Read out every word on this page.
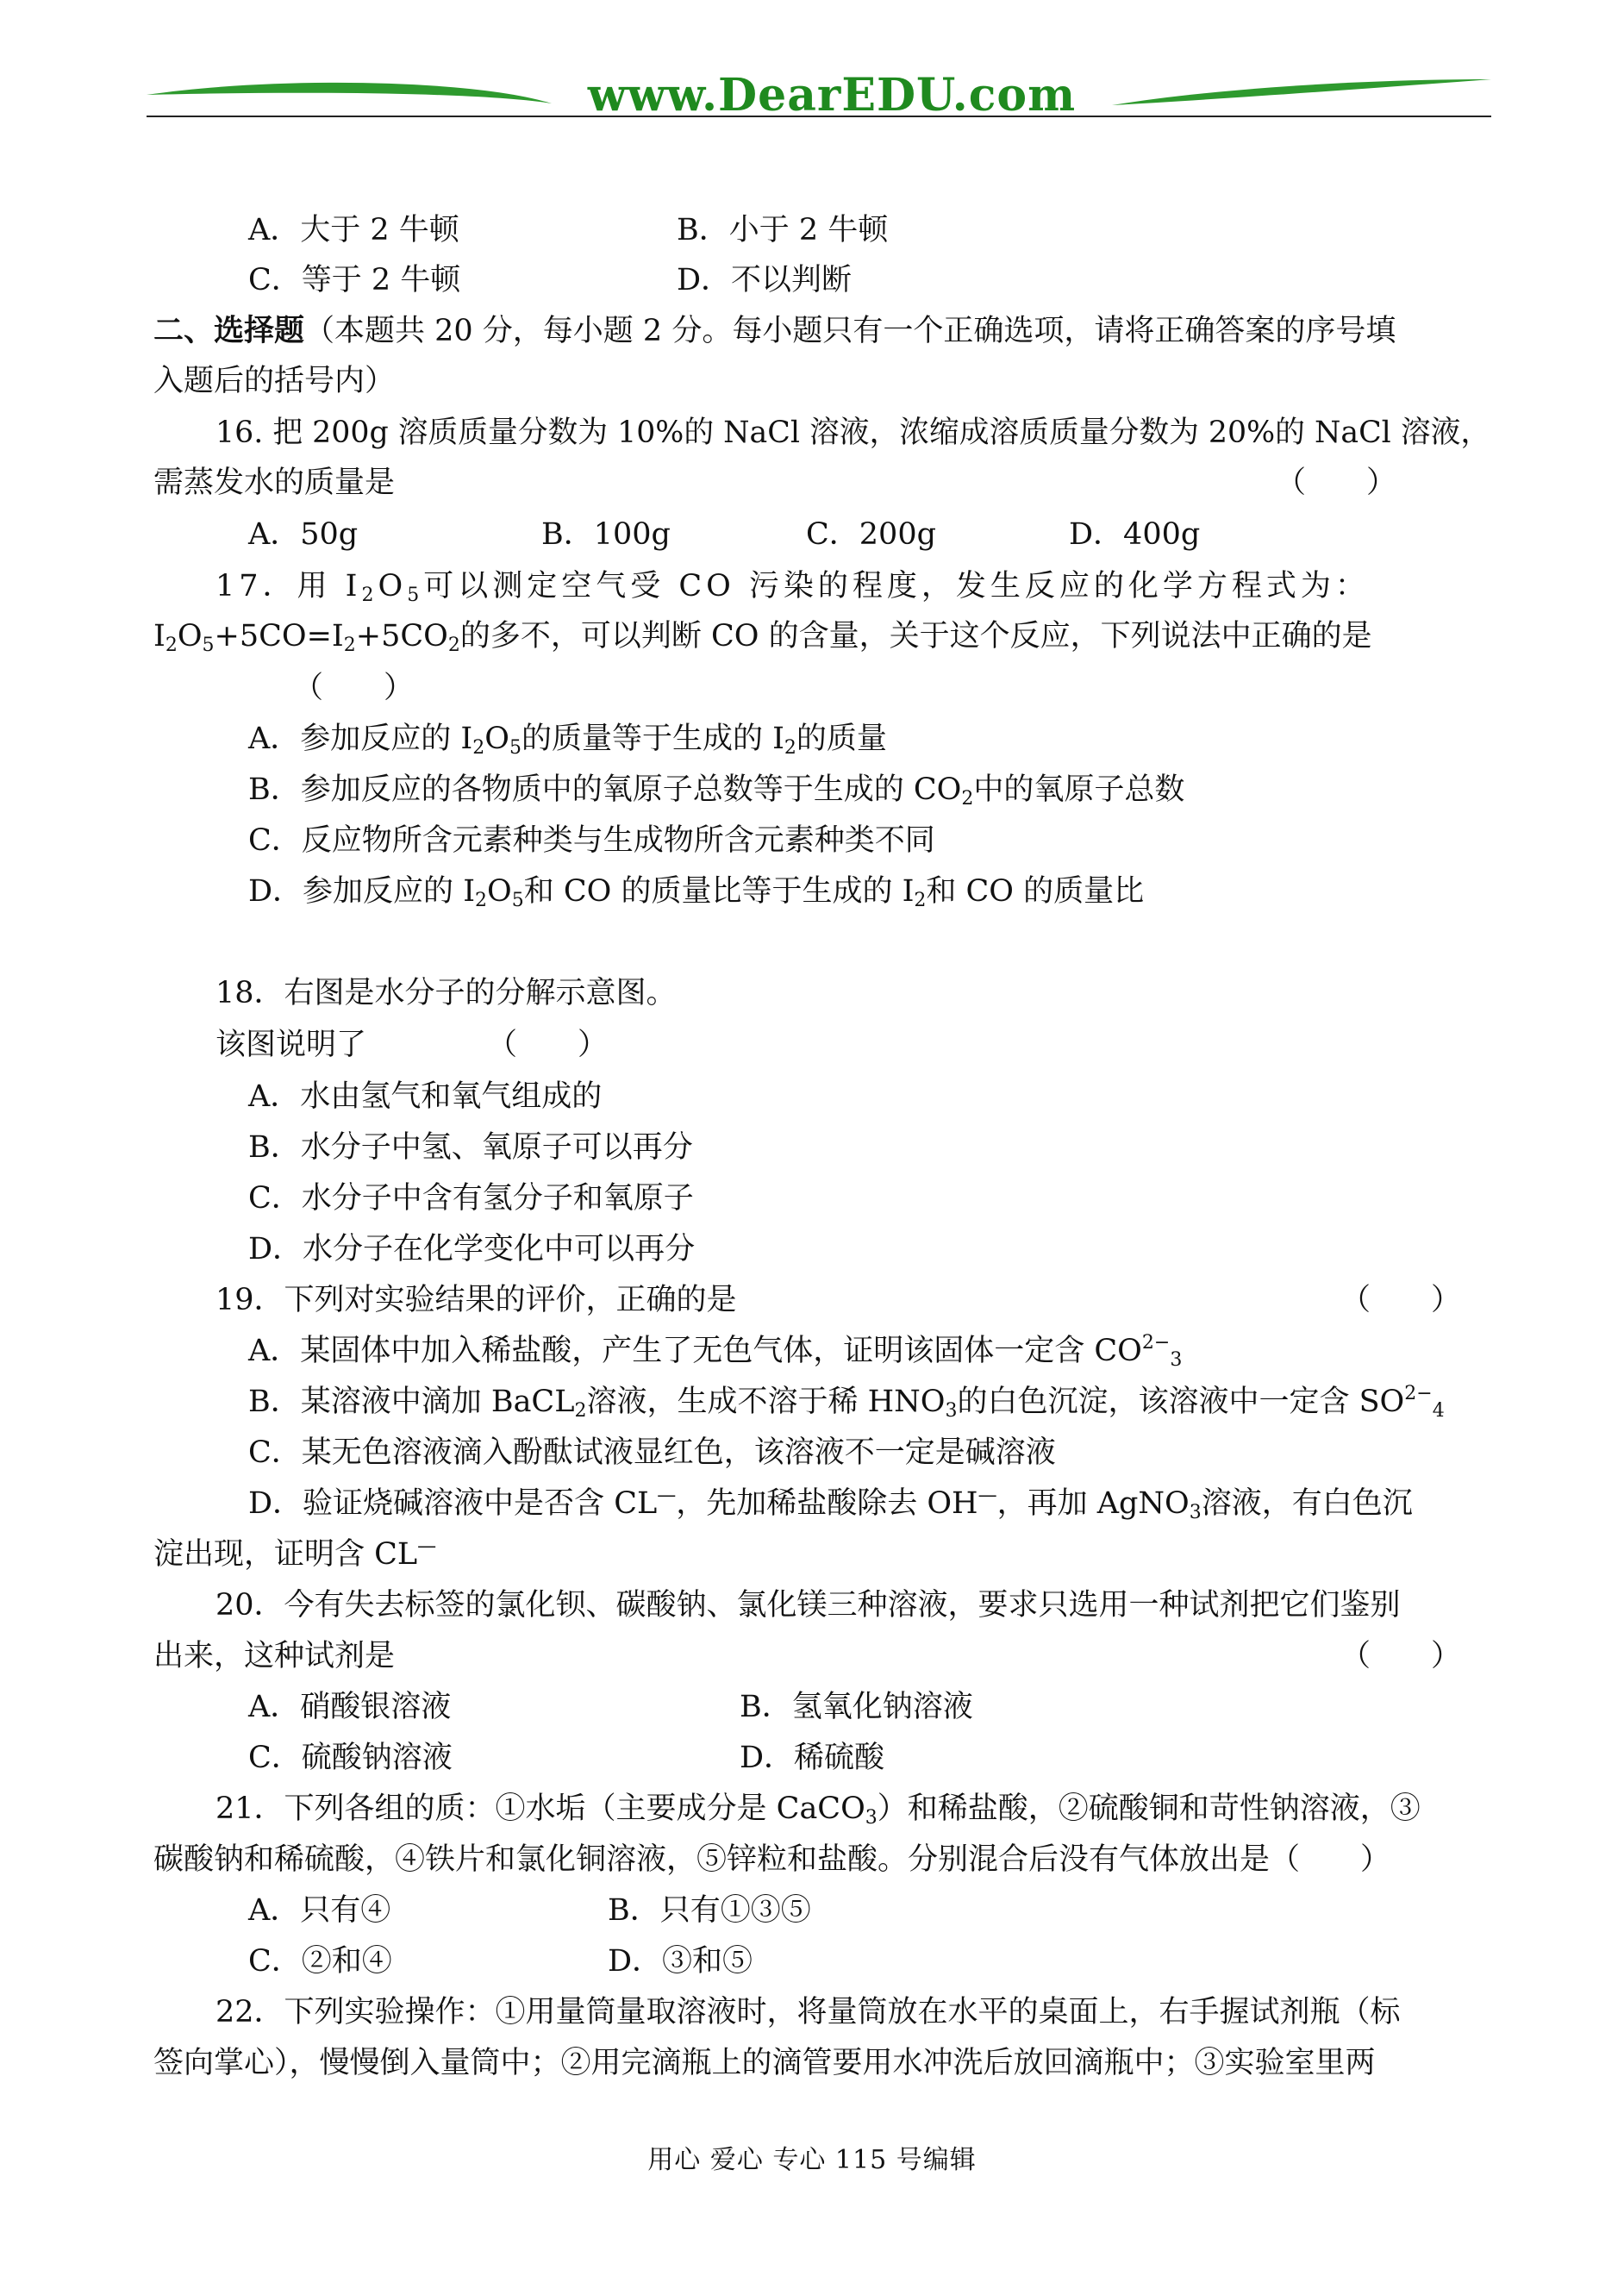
www.DearEDU.com
A．大于 2 牛顿	B．小于 2 牛顿
C．等于 2 牛顿	D．不以判断
二、选择题（本题共 20 分，每小题 2 分。每小题只有一个正确选项，请将正确答案的序号填
入题后的括号内）
16. 把 200g 溶质质量分数为 10%的 NaCl 溶液，浓缩成溶质质量分数为 20%的 NaCl 溶液，
需蒸发水的质量是	（　　）
A．50g	B．100g	C．200g	D．400g
17．用 $I_2O_5$可以测定空气受 CO 污染的程度，发生反应的化学方程式为：
$I_2O_5+5CO=I_2+5CO_2$的多不，可以判断 CO 的含量，关于这个反应，下列说法中正确的是
（　　）
A．参加反应的 $I_2O_5$的质量等于生成的 $I_2$的质量
B．参加反应的各物质中的氧原子总数等于生成的 $CO_2$中的氧原子总数
C．反应物所含元素种类与生成物所含元素种类不同
D．参加反应的 $I_2O_5$和 CO 的质量比等于生成的 $I_2$和 CO 的质量比
18．右图是水分子的分解示意图。
该图说明了	（　　）
A．水由氢气和氧气组成的
B．水分子中氢、氧原子可以再分
C．水分子中含有氢分子和氧原子
D．水分子在化学变化中可以再分
19．下列对实验结果的评价，正确的是	（　　）
A．某固体中加入稀盐酸，产生了无色气体，证明该固体一定含 $CO^{2-}_3$
B．某溶液中滴加 BaCL$_2$溶液，生成不溶于稀 $HNO_3$的白色沉淀，该溶液中一定含 $SO^{2-}_4$
C．某无色溶液滴入酚酞试液显红色，该溶液不一定是碱溶液
D．验证烧碱溶液中是否含 CL—，先加稀盐酸除去 OH—，再加 AgNO$_3$溶液，有白色沉
淀出现，证明含 CL—
20．今有失去标签的氯化钡、碳酸钠、氯化镁三种溶液，要求只选用一种试剂把它们鉴别
出来，这种试剂是	（　　）
A．硝酸银溶液	B．氢氧化钠溶液
C．硫酸钠溶液	D．稀硫酸
21．下列各组的质：①水垢（主要成分是 CaCO$_3$）和稀盐酸，②硫酸铜和苛性钠溶液，③
碳酸钠和稀硫酸，④铁片和氯化铜溶液，⑤锌粒和盐酸。分别混合后没有气体放出是（　　）
A．只有④	B．只有①③⑤
C．②和④	D．③和⑤
22．下列实验操作：①用量筒量取溶液时，将量筒放在水平的桌面上，右手握试剂瓶（标
签向掌心），慢慢倒入量筒中；②用完滴瓶上的滴管要用水冲洗后放回滴瓶中；③实验室里两
用心 爱心 专心 115 号编辑
